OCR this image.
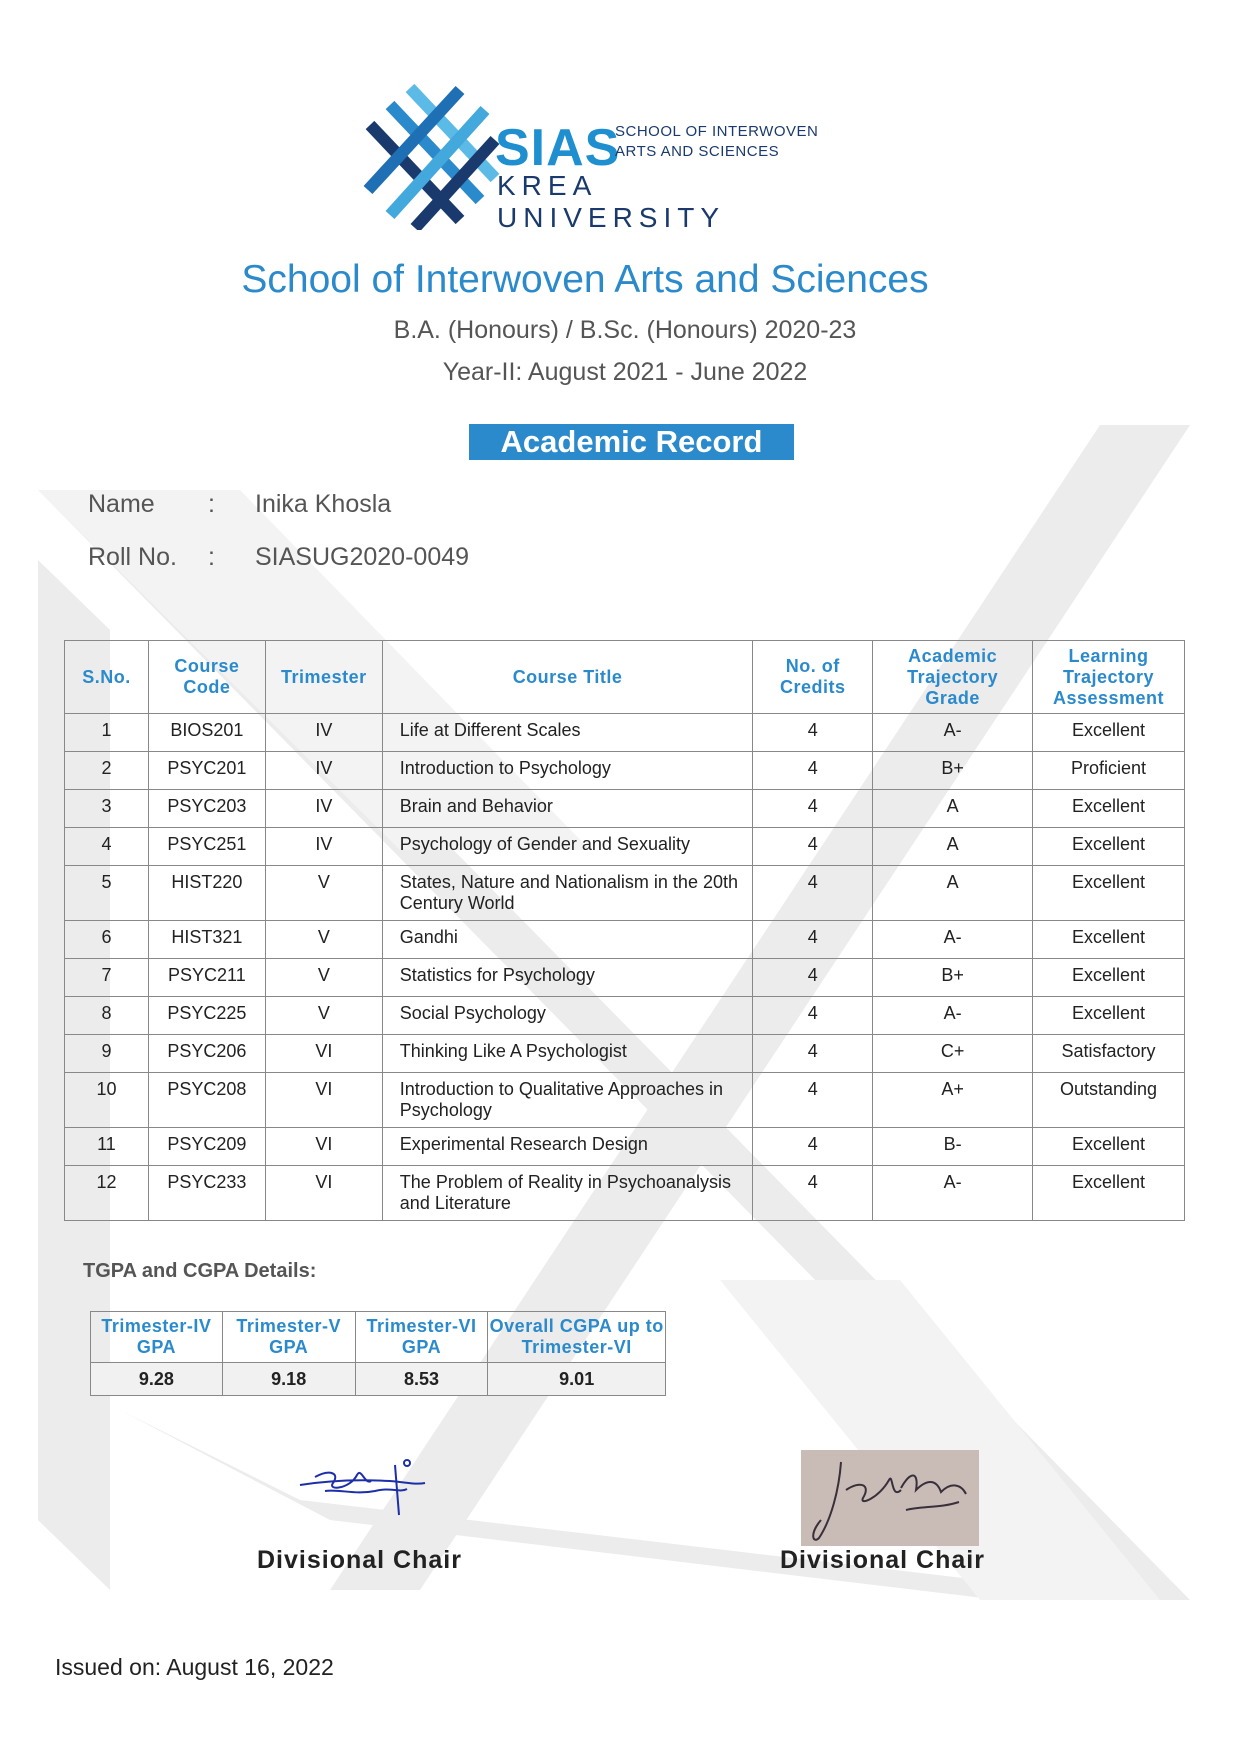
SIAS
SCHOOL OF INTERWOVEN
ARTS AND SCIENCES
KREA UNIVERSITY
School of Interwoven Arts and Sciences
B.A. (Honours) / B.Sc. (Honours) 2020-23
Year-II: August 2021 - June 2022
Academic Record
Name : Inika Khosla
Roll No. : SIASUG2020-0049
S.No.	Course Code	Trimester	Course Title	No. of Credits	Academic Trajectory Grade	Learning Trajectory Assessment
1	BIOS201	IV	Life at Different Scales	4	A-	Excellent
2	PSYC201	IV	Introduction to Psychology	4	B+	Proficient
3	PSYC203	IV	Brain and Behavior	4	A	Excellent
4	PSYC251	IV	Psychology of Gender and Sexuality	4	A	Excellent
5	HIST220	V	States, Nature and Nationalism in the 20th Century World	4	A	Excellent
6	HIST321	V	Gandhi	4	A-	Excellent
7	PSYC211	V	Statistics for Psychology	4	B+	Excellent
8	PSYC225	V	Social Psychology	4	A-	Excellent
9	PSYC206	VI	Thinking Like A Psychologist	4	C+	Satisfactory
10	PSYC208	VI	Introduction to Qualitative Approaches in Psychology	4	A+	Outstanding
11	PSYC209	VI	Experimental Research Design	4	B-	Excellent
12	PSYC233	VI	The Problem of Reality in Psychoanalysis and Literature	4	A-	Excellent
TGPA and CGPA Details:
Trimester-IV GPA	Trimester-V GPA	Trimester-VI GPA	Overall CGPA up to Trimester-VI
9.28	9.18	8.53	9.01
Divisional Chair	Divisional Chair
Issued on: August 16, 2022
